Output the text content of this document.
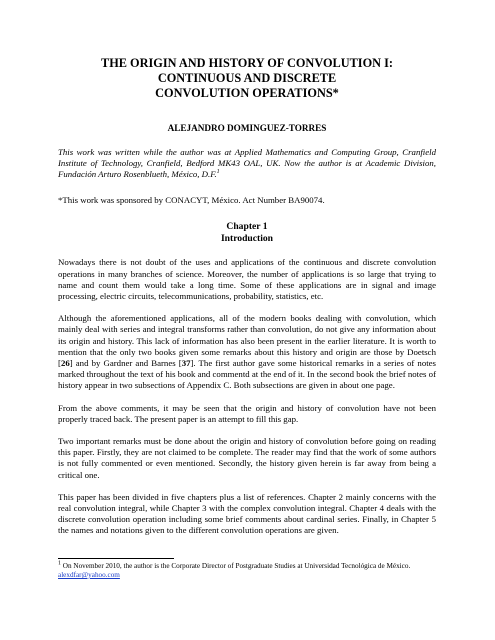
THE ORIGIN AND HISTORY OF CONVOLUTION I:
CONTINUOUS AND DISCRETE
CONVOLUTION OPERATIONS*
ALEJANDRO DOMINGUEZ-TORRES

This work was written while the author was at Applied Mathematics and Computing Group, Cranfield Institute of Technology, Cranfield, Bedford MK43 OAL, UK. Now the author is at Academic Division, Fundación Arturo Rosenblueth, México, D.F.$^1$

*This work was sponsored by CONACYT, México. Act Number BA90074.

Chapter 1
Introduction

Nowadays there is not doubt of the uses and applications of the continuous and discrete convolution operations in many branches of science. Moreover, the number of applications is so large that trying to name and count them would take a long time. Some of these applications are in signal and image processing, electric circuits, telecommunications, probability, statistics, etc.

Although the aforementioned applications, all of the modern books dealing with convolution, which mainly deal with series and integral transforms rather than convolution, do not give any information about its origin and history. This lack of information has also been present in the earlier literature. It is worth to mention that the only two books given some remarks about this history and origin are those by Doetsch [26] and by Gardner and Barnes [37]. The first author gave some historical remarks in a series of notes marked throughout the text of his book and commentd at the end of it. In the second book the brief notes of history appear in two subsections of Appendix C. Both subsections are given in about one page.

From the above comments, it may be seen that the origin and history of convolution have not been properly traced back. The present paper is an attempt to fill this gap.

Two important remarks must be done about the origin and history of convolution before going on reading this paper. Firstly, they are not claimed to be complete. The reader may find that the work of some authors is not fully commented or even mentioned. Secondly, the history given herein is far away from being a critical one.

This paper has been divided in five chapters plus a list of references. Chapter 2 mainly concerns with the real convolution integral, while Chapter 3 with the complex convolution integral. Chapter 4 deals with the discrete convolution operation including some brief comments about cardinal series. Finally, in Chapter 5 the names and notations given to the different convolution operations are given.

$^1$ On November 2010, the author is the Corporate Director of Postgraduate Studies at Universidad Tecnológica de México. alexdfar@yahoo.com
